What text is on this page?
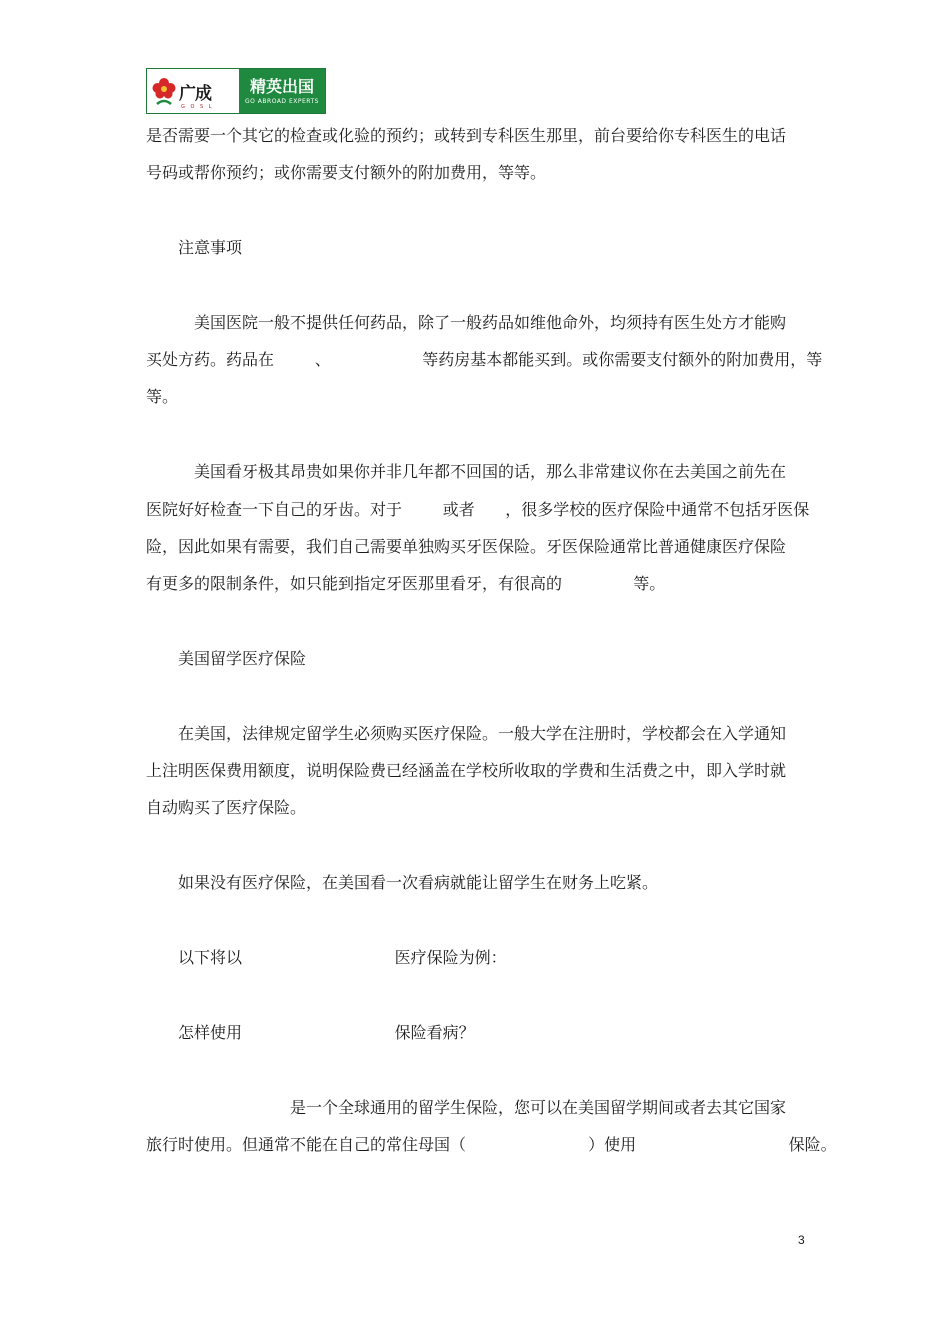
广成
G O S L
精英出国
GO ABROAD EXPERTS
是否需要一个其它的检查或化验的预约；或转到专科医生那里，前台要给你专科医生的电话
号码或帮你预约；或你需要支付额外的附加费用，等等。
注意事项
美国医院一般不提供任何药品，除了一般药品如维他命外，均须持有医生处方才能购
买处方药。药品在        、                  等药房基本都能买到。或你需要支付额外的附加费用，等
等。
美国看牙极其昂贵如果你并非几年都不回国的话，那么非常建议你在去美国之前先在
医院好好检查一下自己的牙齿。对于        或者      ，很多学校的医疗保险中通常不包括牙医保
险，因此如果有需要，我们自己需要单独购买牙医保险。牙医保险通常比普通健康医疗保险
有更多的限制条件，如只能到指定牙医那里看牙，有很高的              等。
美国留学医疗保险
在美国，法律规定留学生必须购买医疗保险。一般大学在注册时，学校都会在入学通知
上注明医保费用额度，说明保险费已经涵盖在学校所收取的学费和生活费之中，即入学时就
自动购买了医疗保险。
如果没有医疗保险，在美国看一次看病就能让留学生在财务上吃紧。
以下将以                              医疗保险为例：
怎样使用                              保险看病？
是一个全球通用的留学生保险，您可以在美国留学期间或者去其它国家
旅行时使用。但通常不能在自己的常住母国（                        ）使用                              保险。
3
